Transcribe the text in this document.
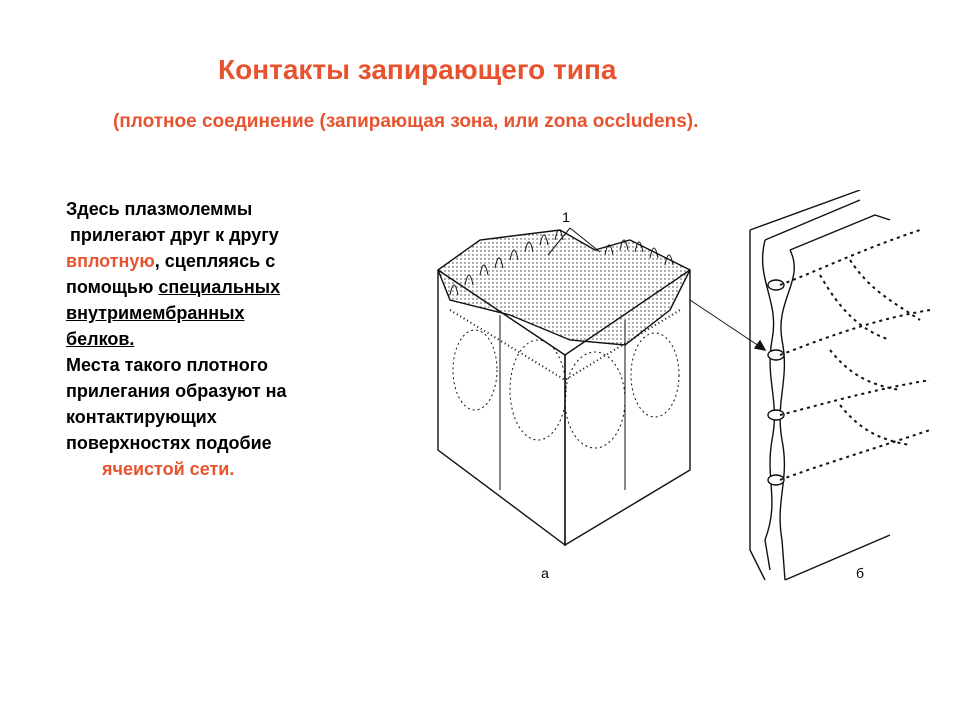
Контакты запирающего типа
(плотное соединение (запирающая зона, или zona occludens).
Здесь плазмолеммы
прилегают друг к другу
вплотную, сцепляясь с
помощью специальных
внутримембранных
белков.
Места такого плотного
прилегания образуют на
контактирующих
поверхностях подобие
ячеистой сети.
1
а	б
